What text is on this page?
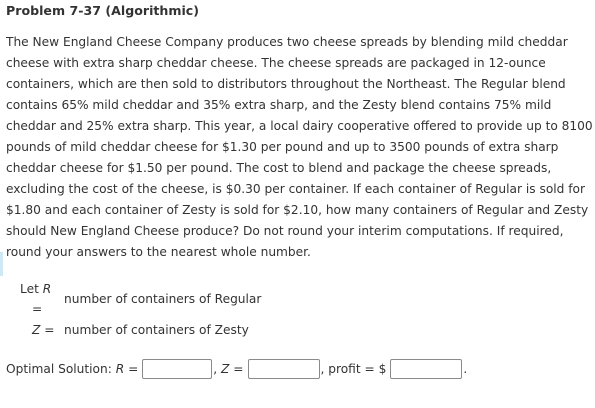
Problem 7-37 (Algorithmic)
The New England Cheese Company produces two cheese spreads by blending mild cheddar
cheese with extra sharp cheddar cheese. The cheese spreads are packaged in 12-ounce
containers, which are then sold to distributors throughout the Northeast. The Regular blend
contains 65% mild cheddar and 35% extra sharp, and the Zesty blend contains 75% mild
cheddar and 25% extra sharp. This year, a local dairy cooperative offered to provide up to 8100
pounds of mild cheddar cheese for $1.30 per pound and up to 3500 pounds of extra sharp
cheddar cheese for $1.50 per pound. The cost to blend and package the cheese spreads,
excluding the cost of the cheese, is $0.30 per container. If each container of Regular is sold for
$1.80 and each container of Zesty is sold for $2.10, how many containers of Regular and Zesty
should New England Cheese produce? Do not round your interim computations. If required,
round your answers to the nearest whole number.
Let R
=
number of containers of Regular
Z = number of containers of Zesty
Optimal Solution:
R
=	,
Z
=	,
profit
=
$	.
